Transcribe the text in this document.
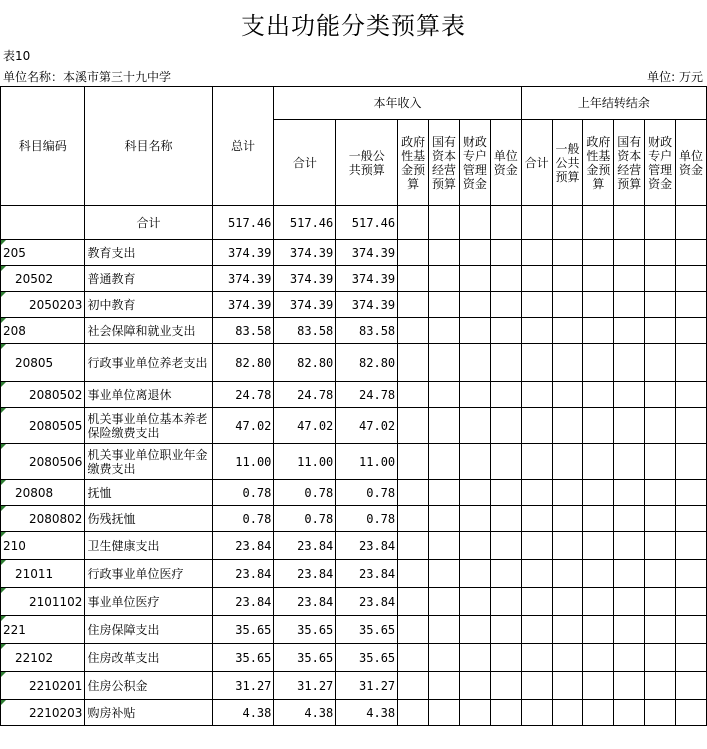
支出功能分类预算表
表10
单位名称：本溪市第三十九中学	单位: 万元
科目编码	科目名称	总计	本年收入						上年结转结余					
			合计	一般公共预算	政府性基金预算	国有资本经营预算	财政专户管理资金	单位资金	合计	一般公共预算	政府性基金预算	国有资本经营预算	财政专户管理资金	单位资金
	合计	517.46	517.46	517.46										
205	教育支出	374.39	374.39	374.39										
20502	普通教育	374.39	374.39	374.39										
2050203	初中教育	374.39	374.39	374.39										
208	社会保障和就业支出	83.58	83.58	83.58										
20805	行政事业单位养老支出	82.80	82.80	82.80										
2080502	事业单位离退休	24.78	24.78	24.78										
2080505	机关事业单位基本养老保险缴费支出	47.02	47.02	47.02										
2080506	机关事业单位职业年金缴费支出	11.00	11.00	11.00										
20808	抚恤	0.78	0.78	0.78										
2080802	伤残抚恤	0.78	0.78	0.78										
210	卫生健康支出	23.84	23.84	23.84										
21011	行政事业单位医疗	23.84	23.84	23.84										
2101102	事业单位医疗	23.84	23.84	23.84										
221	住房保障支出	35.65	35.65	35.65										
22102	住房改革支出	35.65	35.65	35.65										
2210201	住房公积金	31.27	31.27	31.27										
2210203	购房补贴	4.38	4.38	4.38										
